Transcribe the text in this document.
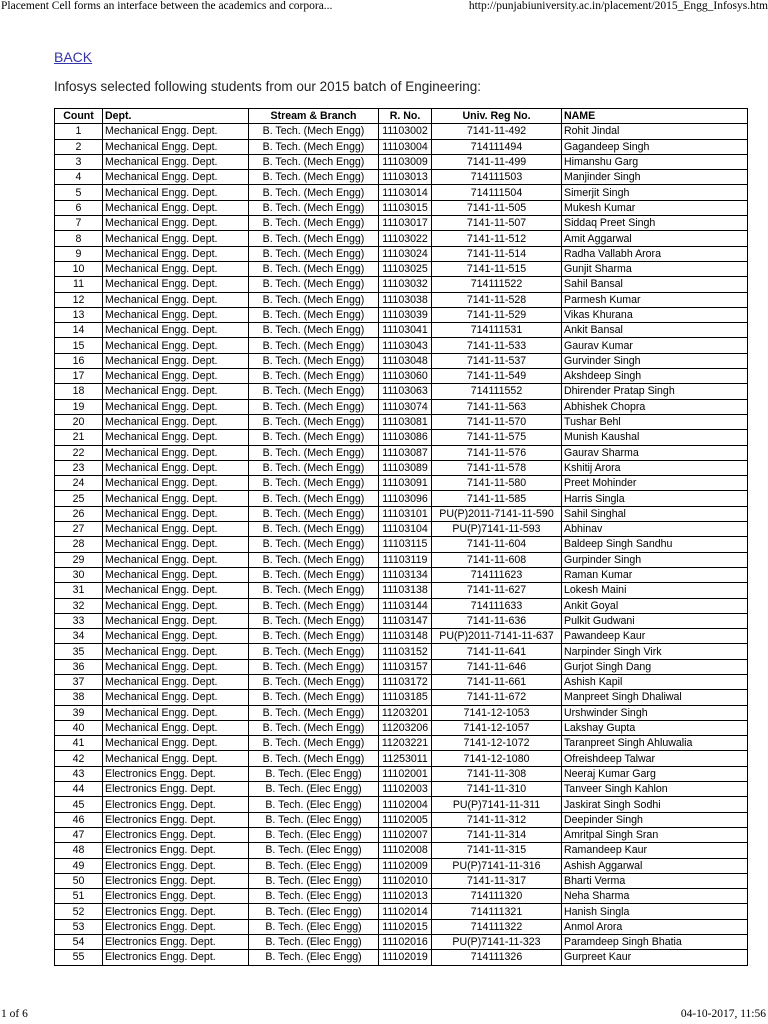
Placement Cell forms an interface between the academics and corpora...	http://punjabiuniversity.ac.in/placement/2015_Engg_Infosys.htm
BACK
Infosys selected following students from our 2015 batch of Engineering:
Count	Dept.	Stream & Branch	R. No.	Univ. Reg No.	NAME
1	Mechanical Engg. Dept.	B. Tech. (Mech Engg)	11103002	7141-11-492	Rohit Jindal
2	Mechanical Engg. Dept.	B. Tech. (Mech Engg)	11103004	714111494	Gagandeep Singh
3	Mechanical Engg. Dept.	B. Tech. (Mech Engg)	11103009	7141-11-499	Himanshu Garg
4	Mechanical Engg. Dept.	B. Tech. (Mech Engg)	11103013	714111503	Manjinder Singh
5	Mechanical Engg. Dept.	B. Tech. (Mech Engg)	11103014	714111504	Simerjit Singh
6	Mechanical Engg. Dept.	B. Tech. (Mech Engg)	11103015	7141-11-505	Mukesh Kumar
7	Mechanical Engg. Dept.	B. Tech. (Mech Engg)	11103017	7141-11-507	Siddaq Preet Singh
8	Mechanical Engg. Dept.	B. Tech. (Mech Engg)	11103022	7141-11-512	Amit Aggarwal
9	Mechanical Engg. Dept.	B. Tech. (Mech Engg)	11103024	7141-11-514	Radha Vallabh Arora
10	Mechanical Engg. Dept.	B. Tech. (Mech Engg)	11103025	7141-11-515	Gunjit Sharma
11	Mechanical Engg. Dept.	B. Tech. (Mech Engg)	11103032	714111522	Sahil Bansal
12	Mechanical Engg. Dept.	B. Tech. (Mech Engg)	11103038	7141-11-528	Parmesh Kumar
13	Mechanical Engg. Dept.	B. Tech. (Mech Engg)	11103039	7141-11-529	Vikas Khurana
14	Mechanical Engg. Dept.	B. Tech. (Mech Engg)	11103041	714111531	Ankit Bansal
15	Mechanical Engg. Dept.	B. Tech. (Mech Engg)	11103043	7141-11-533	Gaurav Kumar
16	Mechanical Engg. Dept.	B. Tech. (Mech Engg)	11103048	7141-11-537	Gurvinder Singh
17	Mechanical Engg. Dept.	B. Tech. (Mech Engg)	11103060	7141-11-549	Akshdeep Singh
18	Mechanical Engg. Dept.	B. Tech. (Mech Engg)	11103063	714111552	Dhirender Pratap Singh
19	Mechanical Engg. Dept.	B. Tech. (Mech Engg)	11103074	7141-11-563	Abhishek Chopra
20	Mechanical Engg. Dept.	B. Tech. (Mech Engg)	11103081	7141-11-570	Tushar Behl
21	Mechanical Engg. Dept.	B. Tech. (Mech Engg)	11103086	7141-11-575	Munish Kaushal
22	Mechanical Engg. Dept.	B. Tech. (Mech Engg)	11103087	7141-11-576	Gaurav Sharma
23	Mechanical Engg. Dept.	B. Tech. (Mech Engg)	11103089	7141-11-578	Kshitij Arora
24	Mechanical Engg. Dept.	B. Tech. (Mech Engg)	11103091	7141-11-580	Preet Mohinder
25	Mechanical Engg. Dept.	B. Tech. (Mech Engg)	11103096	7141-11-585	Harris Singla
26	Mechanical Engg. Dept.	B. Tech. (Mech Engg)	11103101	PU(P)2011-7141-11-590	Sahil Singhal
27	Mechanical Engg. Dept.	B. Tech. (Mech Engg)	11103104	PU(P)7141-11-593	Abhinav
28	Mechanical Engg. Dept.	B. Tech. (Mech Engg)	11103115	7141-11-604	Baldeep Singh Sandhu
29	Mechanical Engg. Dept.	B. Tech. (Mech Engg)	11103119	7141-11-608	Gurpinder Singh
30	Mechanical Engg. Dept.	B. Tech. (Mech Engg)	11103134	714111623	Raman Kumar
31	Mechanical Engg. Dept.	B. Tech. (Mech Engg)	11103138	7141-11-627	Lokesh Maini
32	Mechanical Engg. Dept.	B. Tech. (Mech Engg)	11103144	714111633	Ankit Goyal
33	Mechanical Engg. Dept.	B. Tech. (Mech Engg)	11103147	7141-11-636	Pulkit Gudwani
34	Mechanical Engg. Dept.	B. Tech. (Mech Engg)	11103148	PU(P)2011-7141-11-637	Pawandeep Kaur
35	Mechanical Engg. Dept.	B. Tech. (Mech Engg)	11103152	7141-11-641	Narpinder Singh Virk
36	Mechanical Engg. Dept.	B. Tech. (Mech Engg)	11103157	7141-11-646	Gurjot Singh Dang
37	Mechanical Engg. Dept.	B. Tech. (Mech Engg)	11103172	7141-11-661	Ashish Kapil
38	Mechanical Engg. Dept.	B. Tech. (Mech Engg)	11103185	7141-11-672	Manpreet Singh Dhaliwal
39	Mechanical Engg. Dept.	B. Tech. (Mech Engg)	11203201	7141-12-1053	Urshwinder Singh
40	Mechanical Engg. Dept.	B. Tech. (Mech Engg)	11203206	7141-12-1057	Lakshay Gupta
41	Mechanical Engg. Dept.	B. Tech. (Mech Engg)	11203221	7141-12-1072	Taranpreet Singh Ahluwalia
42	Mechanical Engg. Dept.	B. Tech. (Mech Engg)	11253011	7141-12-1080	Ofreishdeep Talwar
43	Electronics Engg. Dept.	B. Tech. (Elec Engg)	11102001	7141-11-308	Neeraj Kumar Garg
44	Electronics Engg. Dept.	B. Tech. (Elec Engg)	11102003	7141-11-310	Tanveer Singh Kahlon
45	Electronics Engg. Dept.	B. Tech. (Elec Engg)	11102004	PU(P)7141-11-311	Jaskirat Singh Sodhi
46	Electronics Engg. Dept.	B. Tech. (Elec Engg)	11102005	7141-11-312	Deepinder Singh
47	Electronics Engg. Dept.	B. Tech. (Elec Engg)	11102007	7141-11-314	Amritpal Singh Sran
48	Electronics Engg. Dept.	B. Tech. (Elec Engg)	11102008	7141-11-315	Ramandeep Kaur
49	Electronics Engg. Dept.	B. Tech. (Elec Engg)	11102009	PU(P)7141-11-316	Ashish Aggarwal
50	Electronics Engg. Dept.	B. Tech. (Elec Engg)	11102010	7141-11-317	Bharti Verma
51	Electronics Engg. Dept.	B. Tech. (Elec Engg)	11102013	714111320	Neha Sharma
52	Electronics Engg. Dept.	B. Tech. (Elec Engg)	11102014	714111321	Hanish Singla
53	Electronics Engg. Dept.	B. Tech. (Elec Engg)	11102015	714111322	Anmol Arora
54	Electronics Engg. Dept.	B. Tech. (Elec Engg)	11102016	PU(P)7141-11-323	Paramdeep Singh Bhatia
55	Electronics Engg. Dept.	B. Tech. (Elec Engg)	11102019	714111326	Gurpreet Kaur
1 of 6	04-10-2017, 11:56
